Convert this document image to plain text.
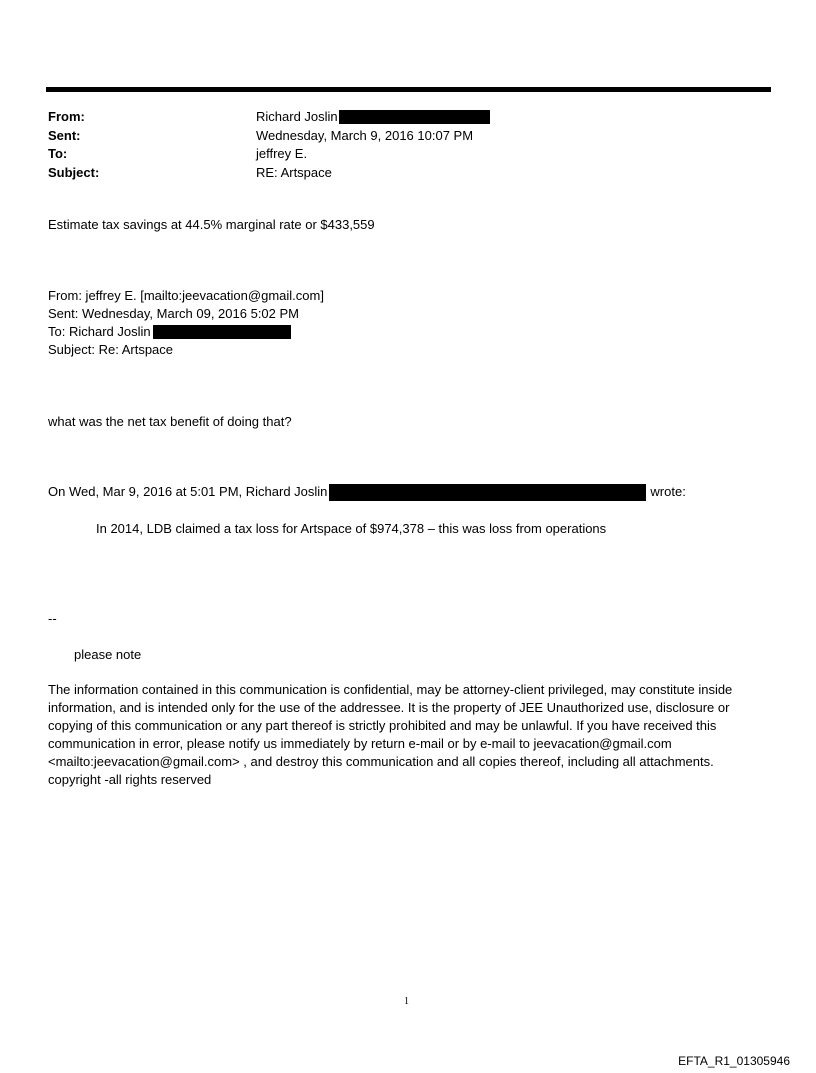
From:	Richard Joslin
Sent:	Wednesday, March 9, 2016 10:07 PM
To:	jeffrey E.
Subject:	RE: Artspace
Estimate tax savings at 44.5% marginal rate or $433,559
From: jeffrey E. [mailto:jeevacation@gmail.com]
Sent: Wednesday, March 09, 2016 5:02 PM
To: Richard Joslin
Subject: Re: Artspace
what was the net tax benefit of doing that?
On Wed, Mar 9, 2016 at 5:01 PM, Richard Joslin	wrote:
In 2014, LDB claimed a tax loss for Artspace of $974,378 – this was loss from operations
--
please note
The information contained in this communication is confidential, may be attorney-client privileged, may constitute inside information, and is intended only for the use of the addressee. It is the property of JEE Unauthorized use, disclosure or copying of this communication or any part thereof is strictly prohibited and may be unlawful. If you have received this communication in error, please notify us immediately by return e-mail or by e-mail to jeevacation@gmail.com <mailto:jeevacation@gmail.com> , and destroy this communication and all copies thereof, including all attachments. copyright -all rights reserved
1
EFTA_R1_01305946
